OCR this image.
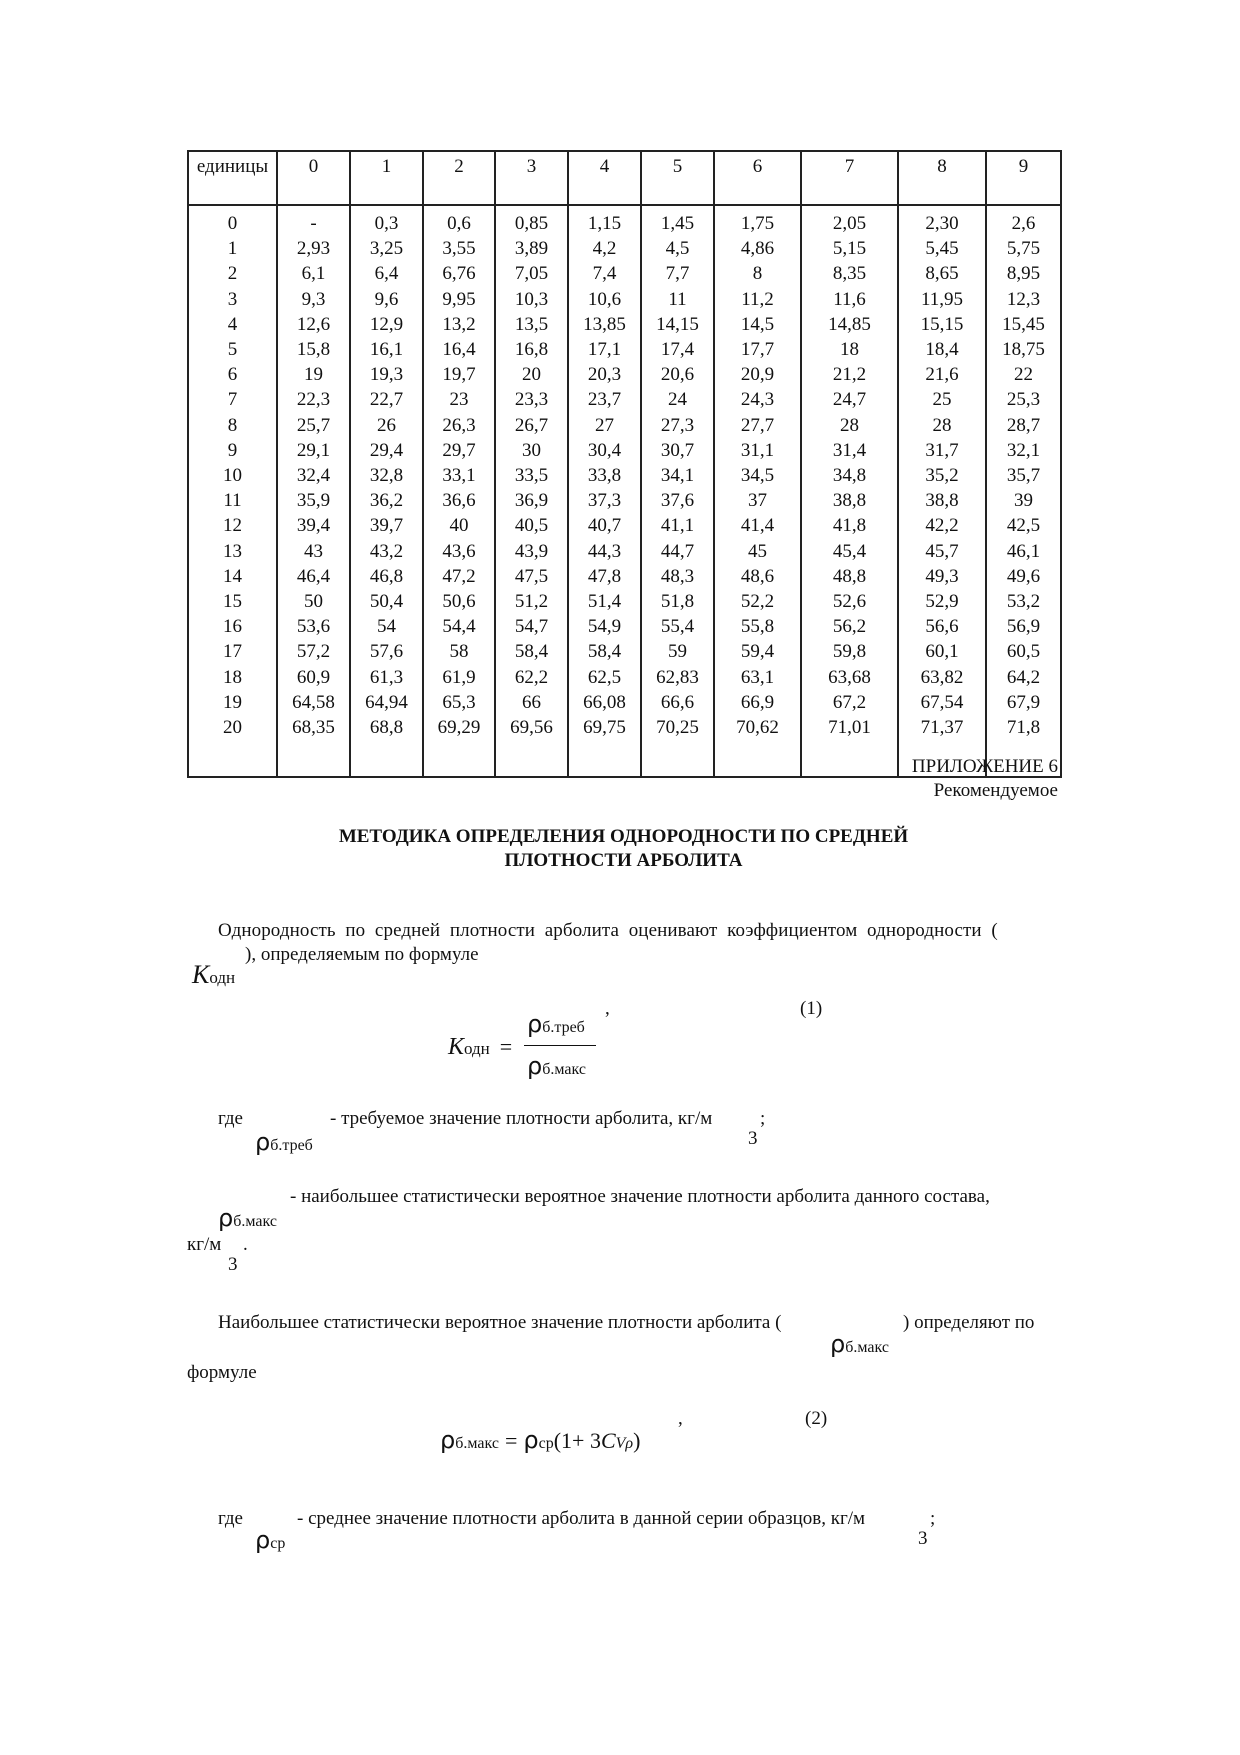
единицы	0	1	2	3	4	5	6	7	8	9
0	-	0,3	0,6	0,85	1,15	1,45	1,75	2,05	2,30	2,6
1	2,93	3,25	3,55	3,89	4,2	4,5	4,86	5,15	5,45	5,75
2	6,1	6,4	6,76	7,05	7,4	7,7	8	8,35	8,65	8,95
3	9,3	9,6	9,95	10,3	10,6	11	11,2	11,6	11,95	12,3
4	12,6	12,9	13,2	13,5	13,85	14,15	14,5	14,85	15,15	15,45
5	15,8	16,1	16,4	16,8	17,1	17,4	17,7	18	18,4	18,75
6	19	19,3	19,7	20	20,3	20,6	20,9	21,2	21,6	22
7	22,3	22,7	23	23,3	23,7	24	24,3	24,7	25	25,3
8	25,7	26	26,3	26,7	27	27,3	27,7	28	28	28,7
9	29,1	29,4	29,7	30	30,4	30,7	31,1	31,4	31,7	32,1
10	32,4	32,8	33,1	33,5	33,8	34,1	34,5	34,8	35,2	35,7
11	35,9	36,2	36,6	36,9	37,3	37,6	37	38,8	38,8	39
12	39,4	39,7	40	40,5	40,7	41,1	41,4	41,8	42,2	42,5
13	43	43,2	43,6	43,9	44,3	44,7	45	45,4	45,7	46,1
14	46,4	46,8	47,2	47,5	47,8	48,3	48,6	48,8	49,3	49,6
15	50	50,4	50,6	51,2	51,4	51,8	52,2	52,6	52,9	53,2
16	53,6	54	54,4	54,7	54,9	55,4	55,8	56,2	56,6	56,9
17	57,2	57,6	58	58,4	58,4	59	59,4	59,8	60,1	60,5
18	60,9	61,3	61,9	62,2	62,5	62,83	63,1	63,68	63,82	64,2
19	64,58	64,94	65,3	66	66,08	66,6	66,9	67,2	67,54	67,9
20	68,35	68,8	69,29	69,56	69,75	70,25	70,62	71,01	71,37	71,8
ПРИЛОЖЕНИЕ 6
Рекомендуемое
МЕТОДИКА ОПРЕДЕЛЕНИЯ ОДНОРОДНОСТИ ПО СРЕДНЕЙ
ПЛОТНОСТИ АРБОЛИТА
Однородность  по  средней  плотности  арболита  оценивают  коэффициентом  однородности  (
), определяемым по формуле
Kодн
,	(1)
Kодн =
ρб.треб
ρб.макс
где	- требуемое значение плотности арболита, кг/м	;
3
ρб.треб
- наибольшее статистически вероятное значение плотности арболита данного состава,
ρб.макс
кг/м .
3
Наибольшее статистически вероятное значение плотности арболита (	) определяют по
ρб.макс
формуле
,	(2)
ρб.макс = ρср(1+ 3CVρ)
где	- среднее значение плотности арболита в данной серии образцов, кг/м	;
3
ρср
